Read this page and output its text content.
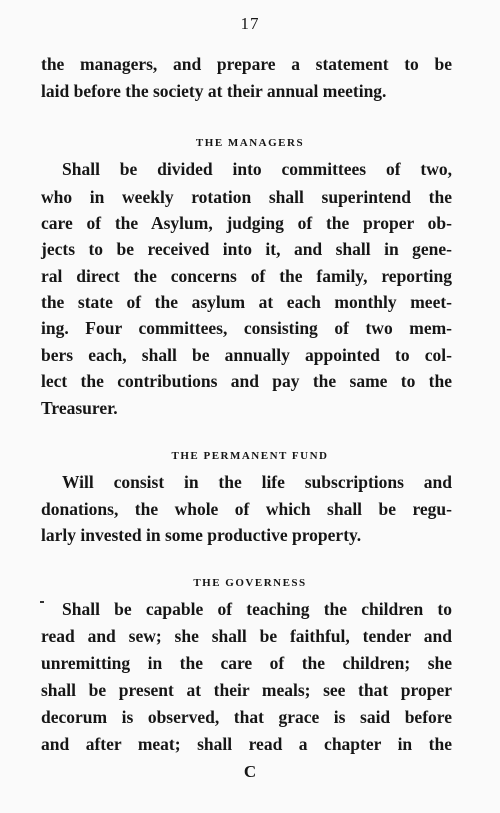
17
the managers, and prepare a statement to be
laid before the society at their annual meeting.
THE MANAGERS
Shall be divided into committees of two,
who in weekly rotation shall superintend the
care of the Asylum, judging of the proper ob-
jects to be received into it, and shall in gene-
ral direct the concerns of the family, reporting
the state of the asylum at each monthly meet-
ing. Four committees, consisting of two mem-
bers each, shall be annually appointed to col-
lect the contributions and pay the same to the
Treasurer.
THE PERMANENT FUND
Will consist in the life subscriptions and
donations, the whole of which shall be regu-
larly invested in some productive property.
THE GOVERNESS
Shall be capable of teaching the children to
read and sew; she shall be faithful, tender and
unremitting in the care of the children; she
shall be present at their meals; see that proper
decorum is observed, that grace is said before
and after meat; shall read a chapter in the
C
